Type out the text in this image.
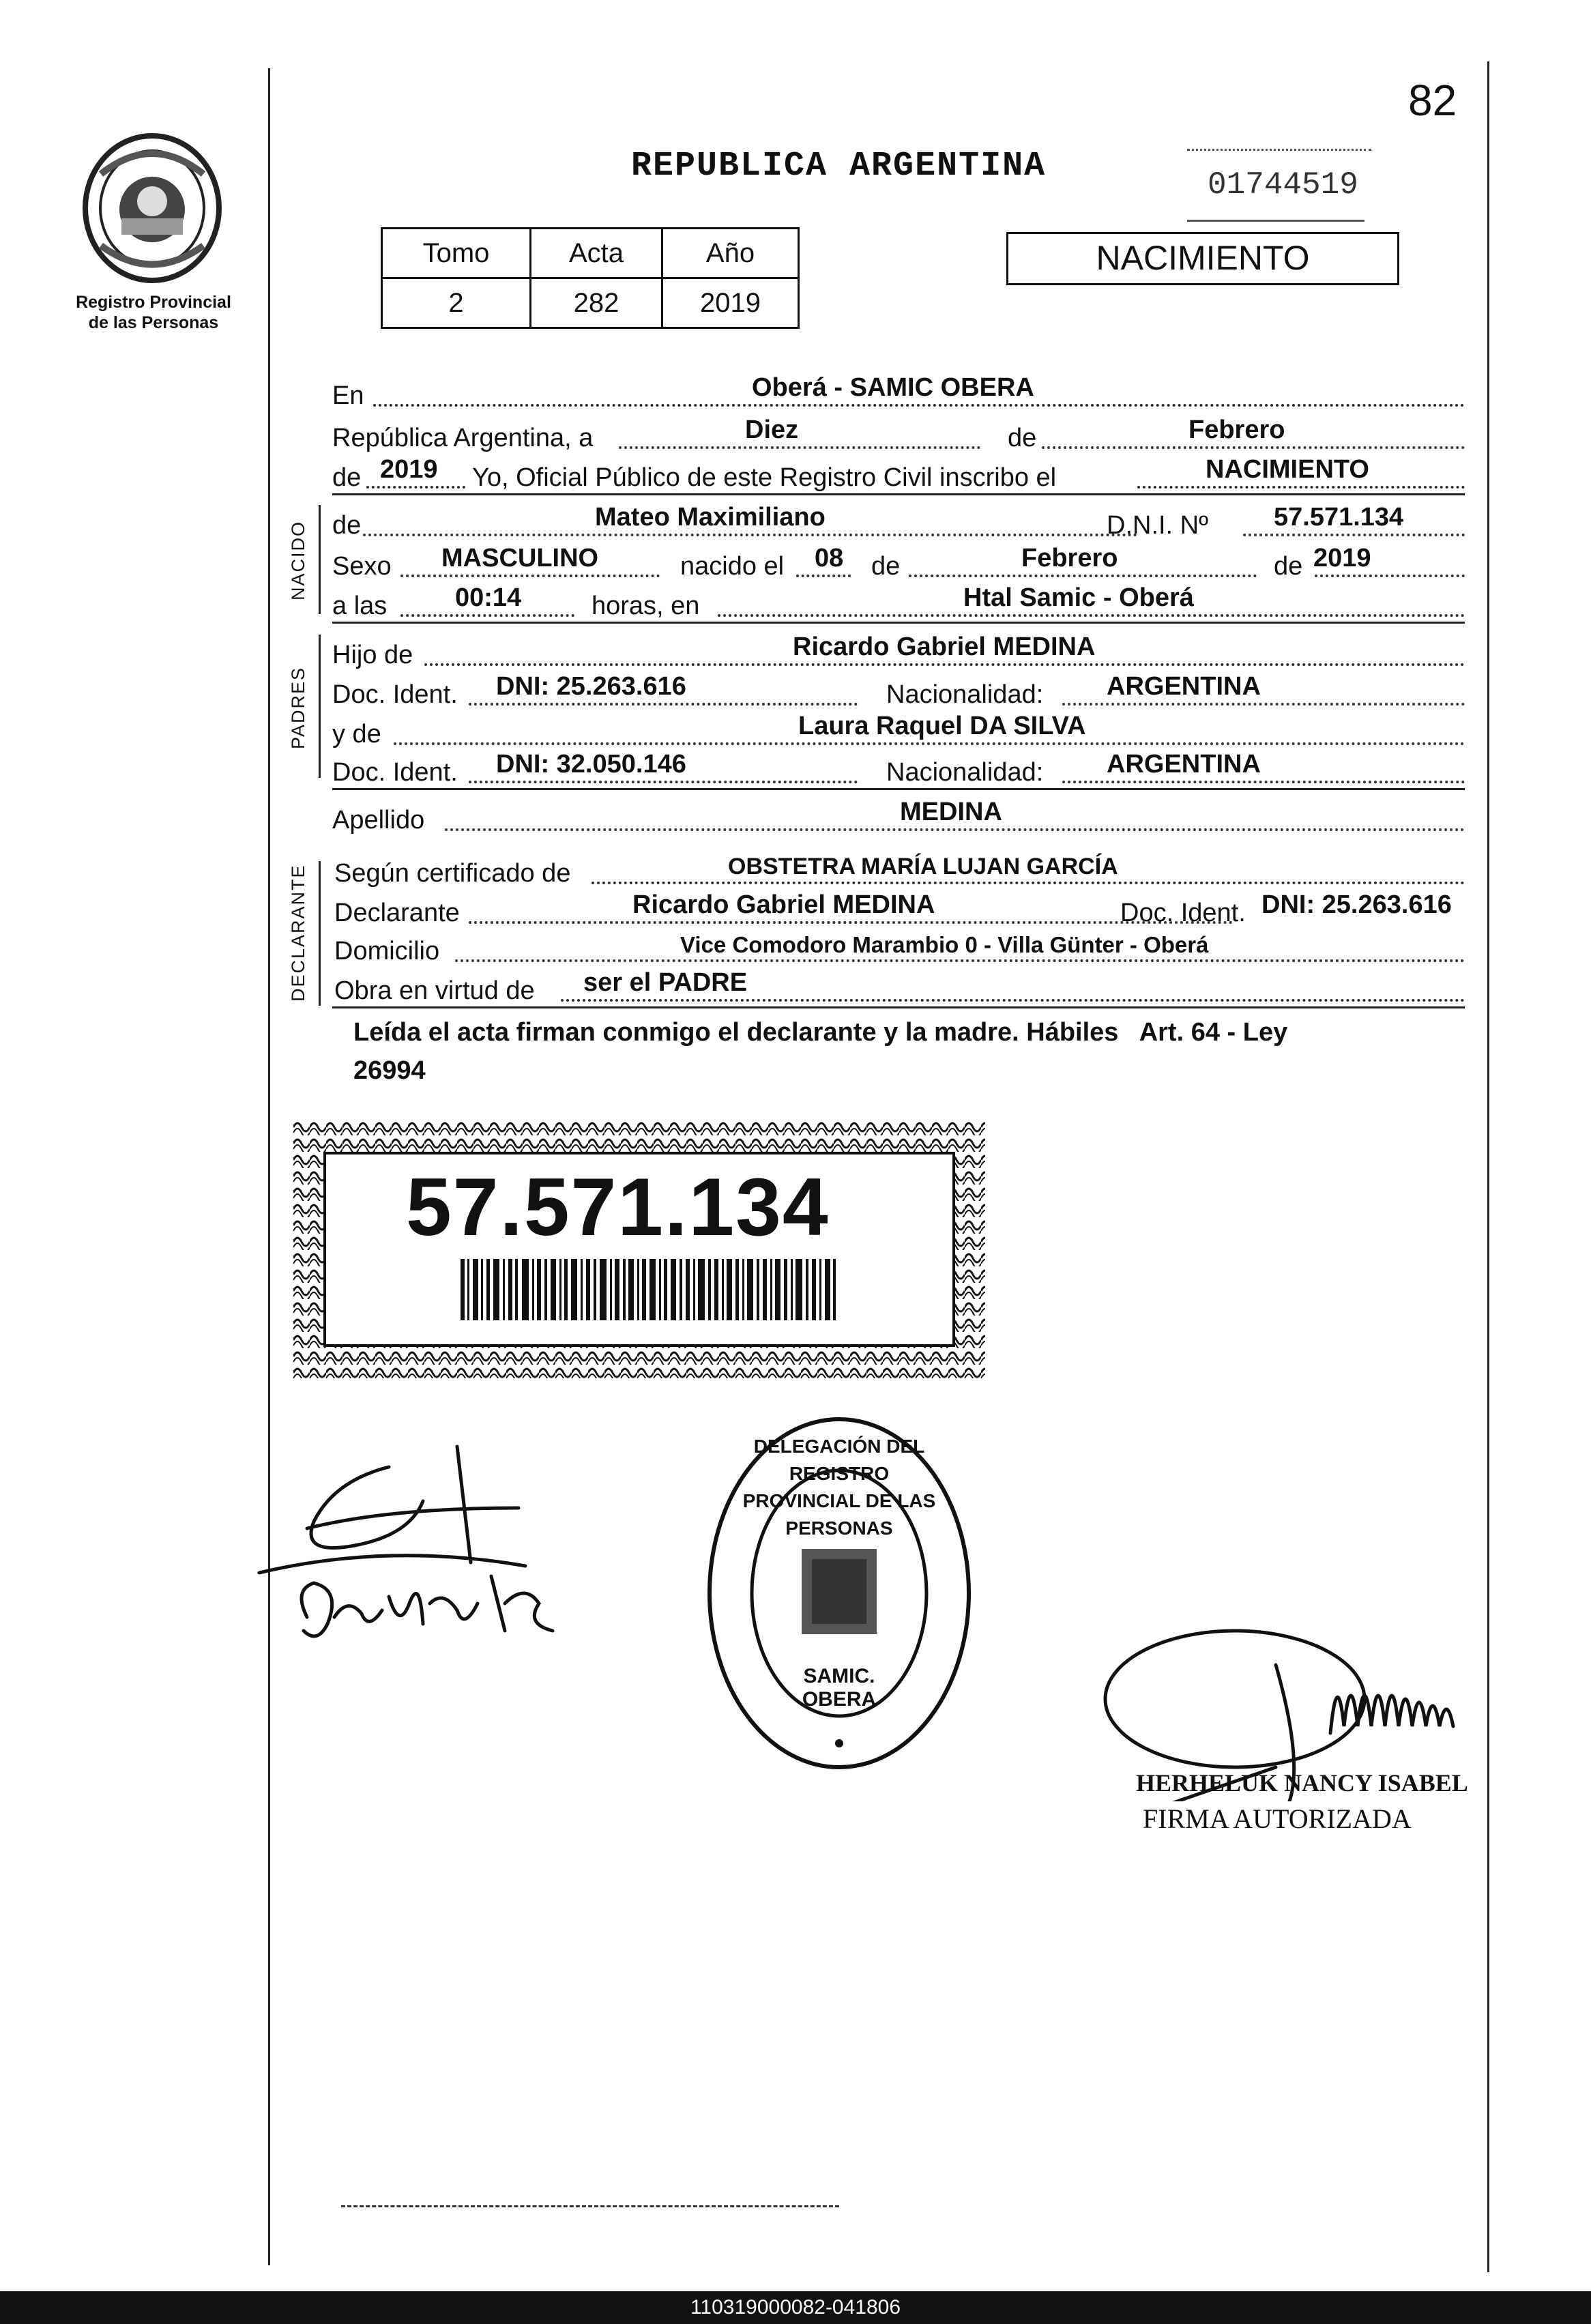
82
Registro Provincial
de las Personas
REPUBLICA ARGENTINA	01744519
Tomo	Acta	Año
2	282	2019
NACIMIENTO
En	Oberá - SAMIC OBERA
República Argentina, a	Diez	de	Febrero
de 2019 Yo, Oficial Público de este Registro Civil inscribo el	NACIMIENTO
NACIDO de	Mateo Maximiliano	D.N.I. Nº	57.571.134
Sexo MASCULINO	nacido el 08 de	Febrero	de 2019
a las	00:14	horas, en	Htal Samic - Oberá
PADRES
Hijo de	Ricardo Gabriel MEDINA
Doc. Ident. DNI: 25.263.616	Nacionalidad: ARGENTINA
y de	Laura Raquel DA SILVA
Doc. Ident. DNI: 32.050.146	Nacionalidad: ARGENTINA
Apellido	MEDINA
DECLARANTE Según certificado de	OBSTETRA MARÍA LUJAN GARCÍA
Declarante	Ricardo Gabriel MEDINA	Doc. Ident. DNI: 25.263.616
Domicilio	Vice Comodoro Marambio 0 - Villa Günter - Oberá
Obra en virtud de ser el PADRE
Leída el acta firman conmigo el declarante y la madre. Hábiles   Art. 64 - Ley
26994
57.571.134
DELEGACIÓN DEL REGISTRO PROVINCIAL DE LAS PERSONAS
SAMIC. OBERA
HERHELUK NANCY ISABEL
FIRMA AUTORIZADA
110319000082-041806
